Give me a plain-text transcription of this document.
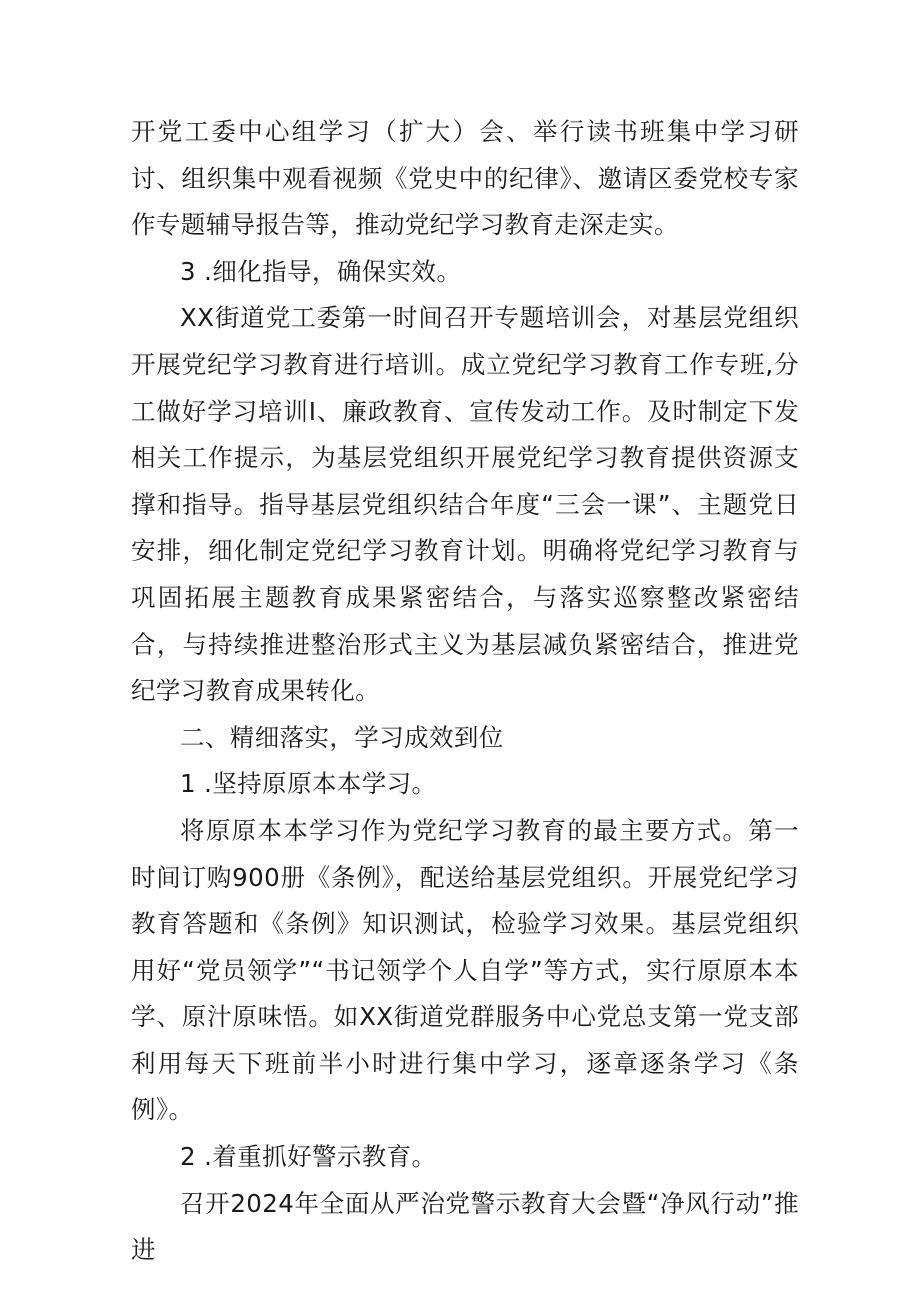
开党工委中心组学习（扩大）会、举行读书班集中学习研讨、组织集中观看视频《党史中的纪律》、邀请区委党校专家作专题辅导报告等，推动党纪学习教育走深走实。

3 .细化指导，确保实效。

XX街道党工委第一时间召开专题培训会，对基层党组织开展党纪学习教育进行培训。成立党纪学习教育工作专班,分工做好学习培训I、廉政教育、宣传发动工作。及时制定下发相关工作提示，为基层党组织开展党纪学习教育提供资源支撑和指导。指导基层党组织结合年度“三会一课”、主题党日安排，细化制定党纪学习教育计划。明确将党纪学习教育与巩固拓展主题教育成果紧密结合，与落实巡察整改紧密结合，与持续推进整治形式主义为基层减负紧密结合，推进党纪学习教育成果转化。

二、精细落实，学习成效到位

1 .坚持原原本本学习。

将原原本本学习作为党纪学习教育的最主要方式。第一时间订购900册《条例》，配送给基层党组织。开展党纪学习教育答题和《条例》知识测试，检验学习效果。基层党组织用好“党员领学”“书记领学个人自学”等方式，实行原原本本学、原汁原味悟。如XX街道党群服务中心党总支第一党支部利用每天下班前半小时进行集中学习，逐章逐条学习《条例》。

2 .着重抓好警示教育。

召开2024年全面从严治党警示教育大会暨“净风行动”推进
